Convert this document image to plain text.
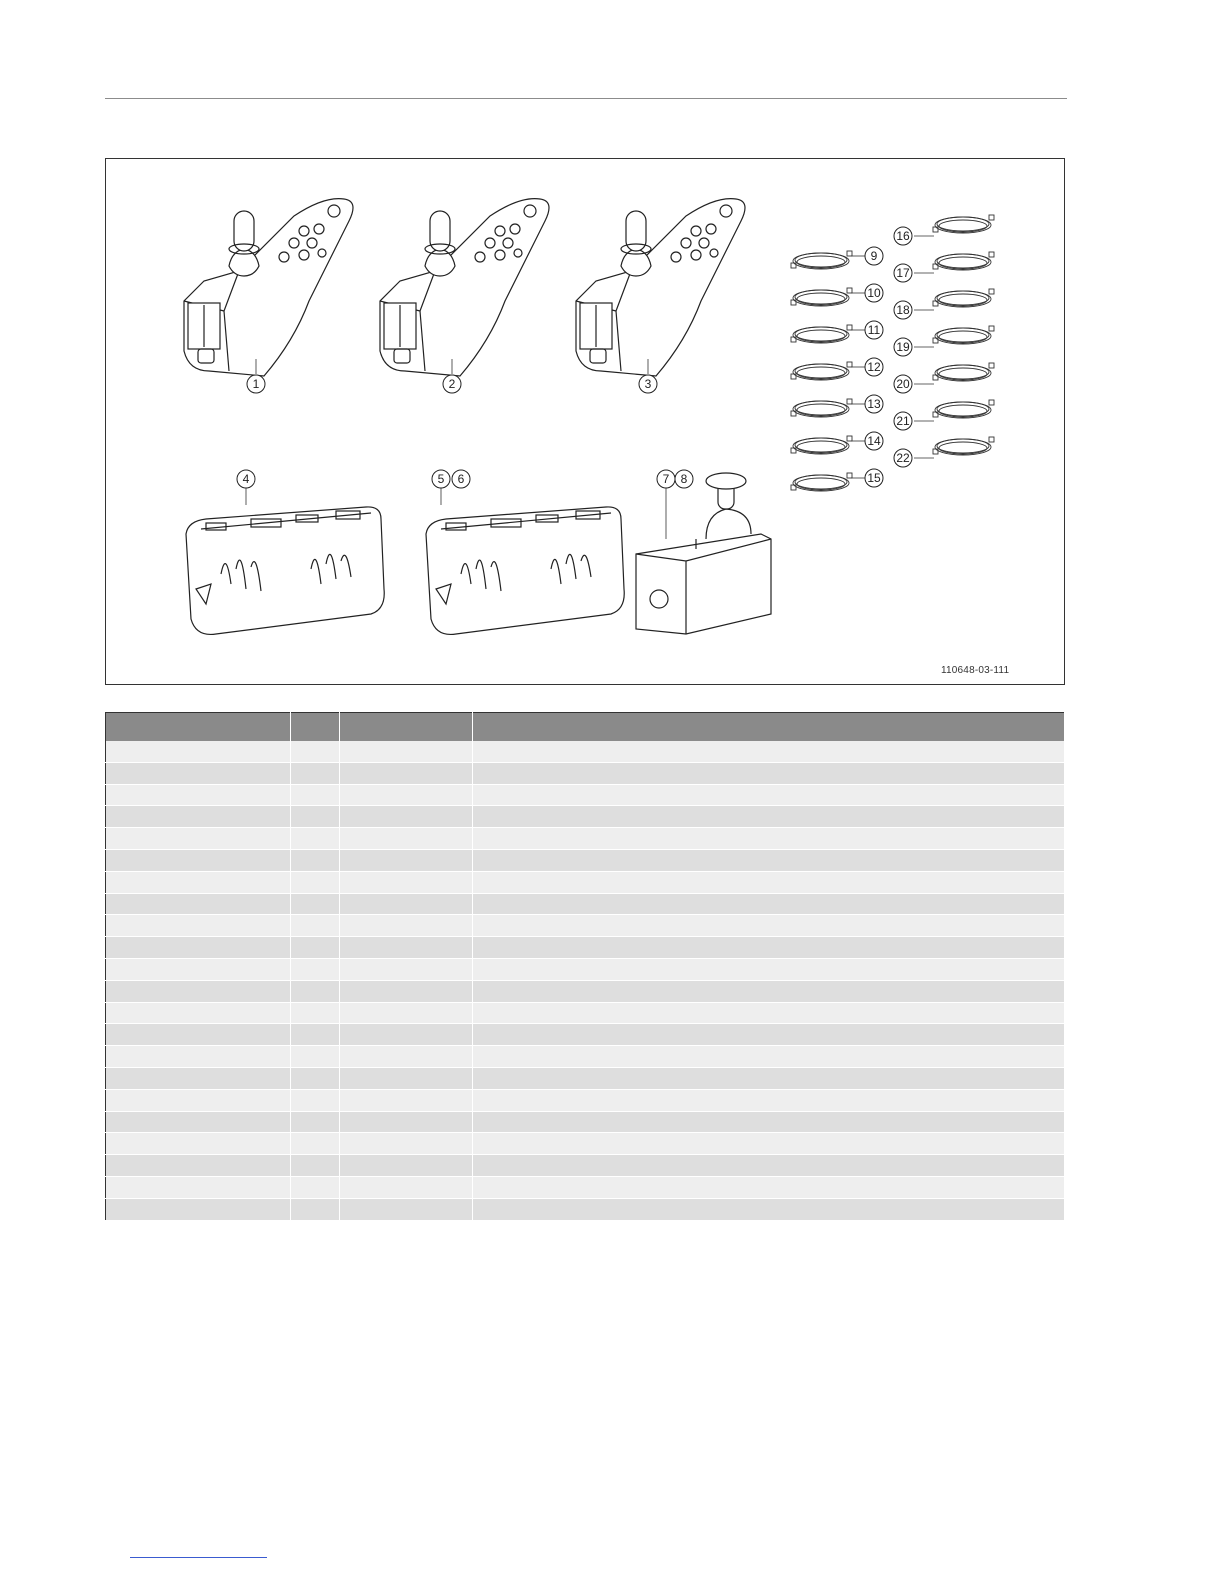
1	2	3
4	5 6	7 8
9
10
11
12
13
14
15
16
17
18
19
20
21
22
110648-03-111
